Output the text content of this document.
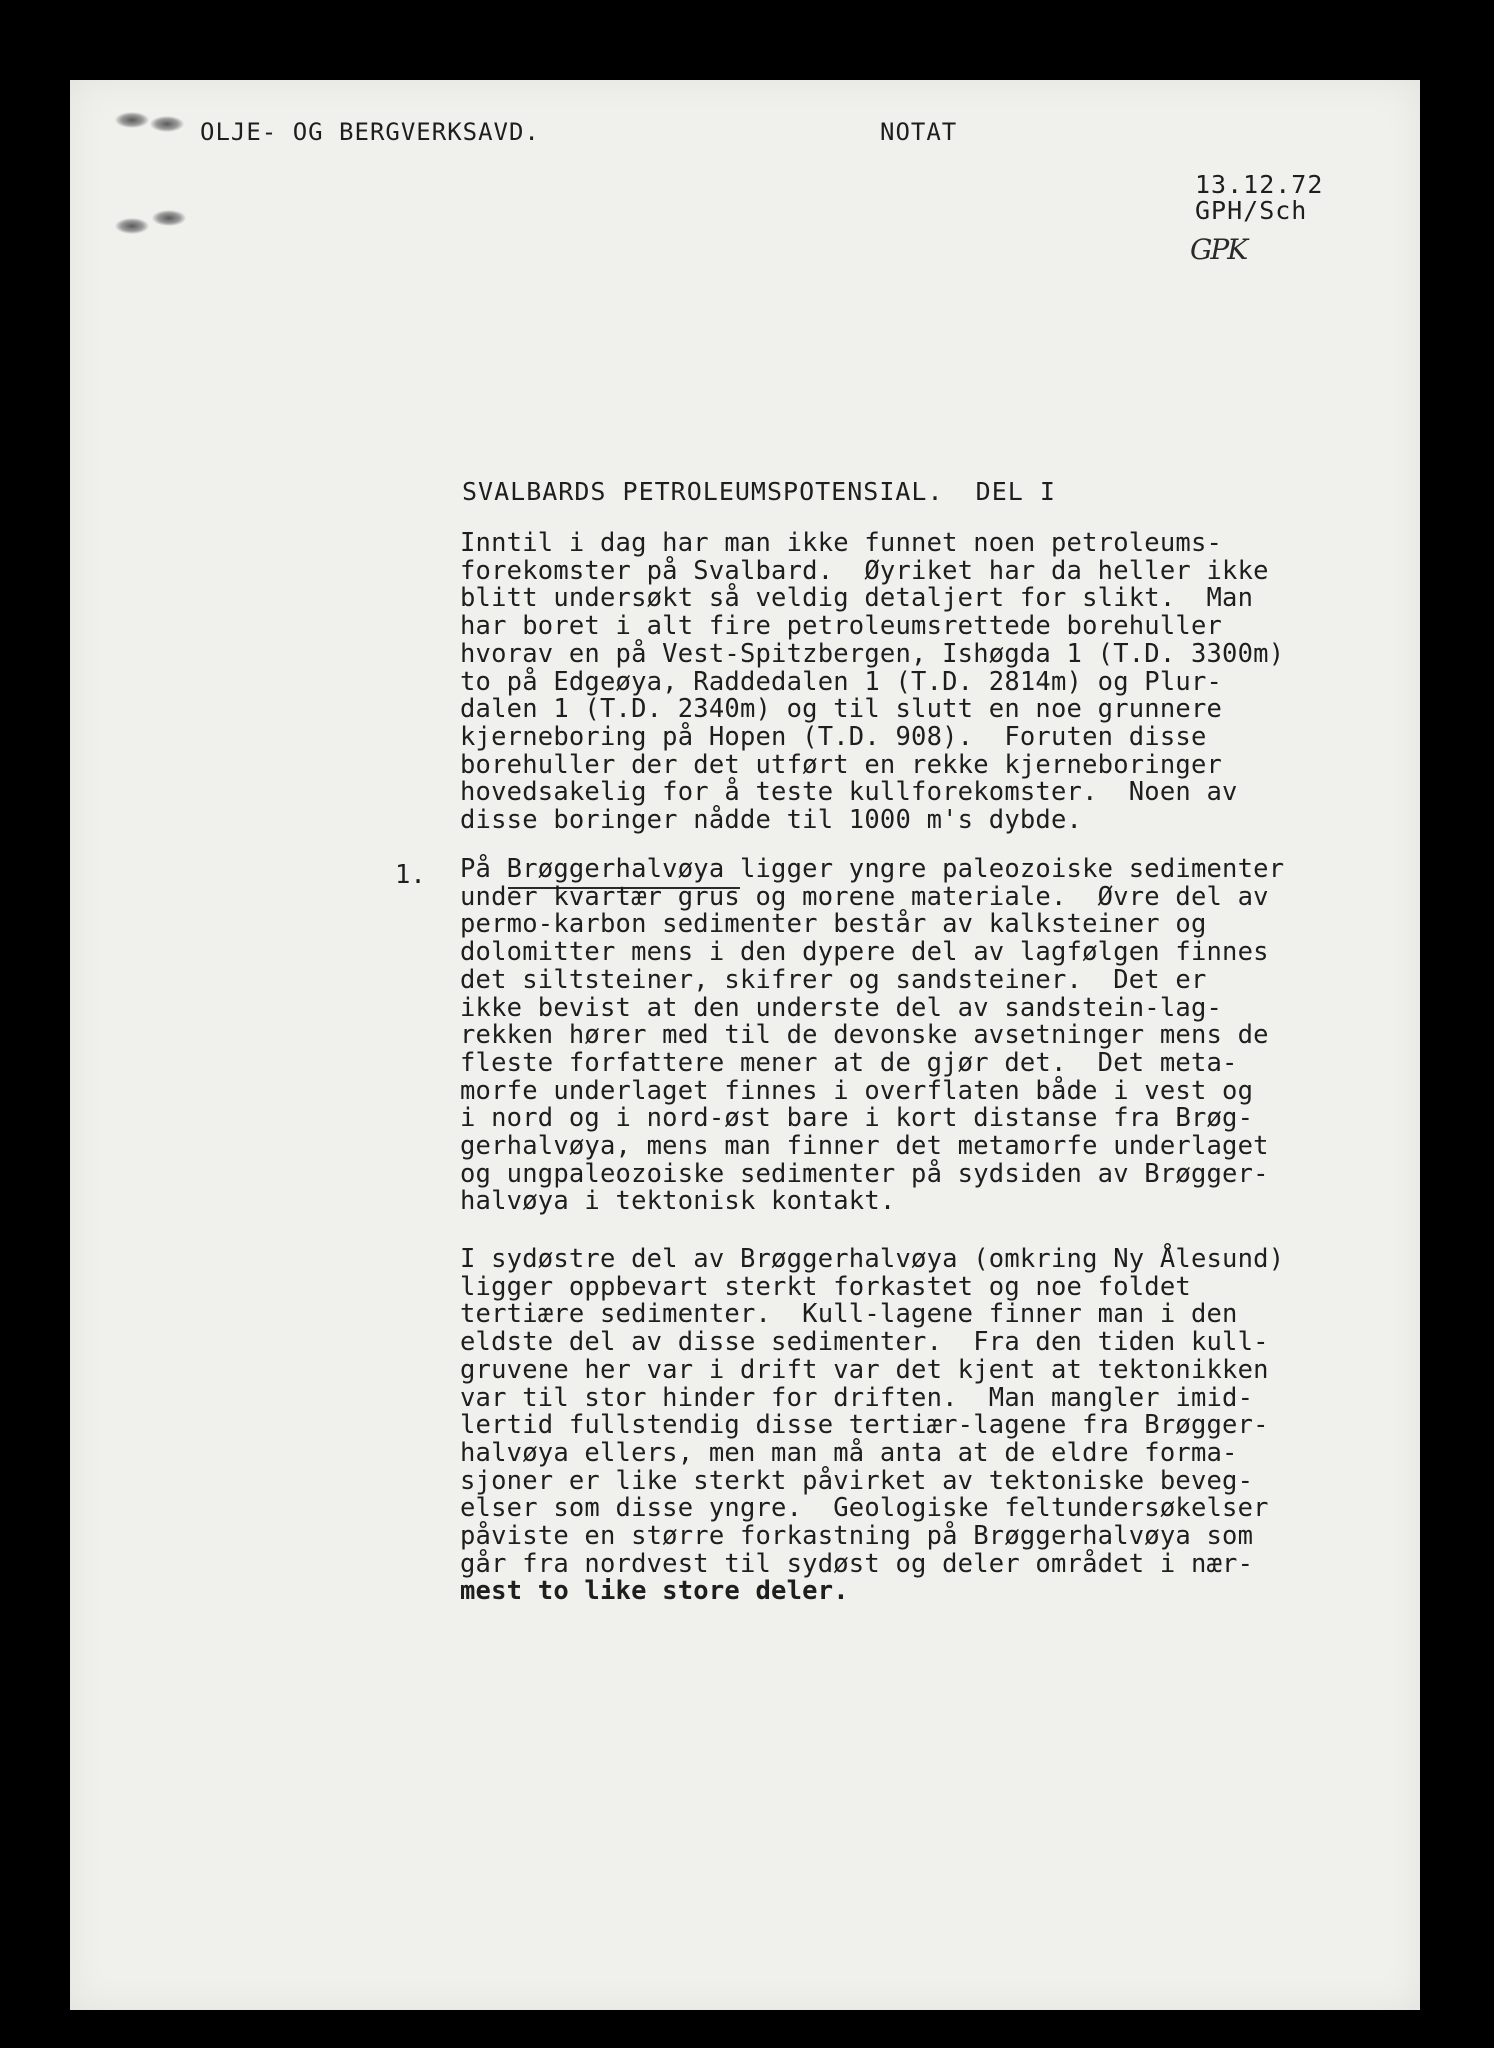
OLJE- OG BERGVERKSAVD.	NOTAT
13.12.72
GPH/Sch
GPK
SVALBARDS PETROLEUMSPOTENSIAL.  DEL I
Inntil i dag har man ikke funnet noen petroleums-
forekomster på Svalbard.  Øyriket har da heller ikke
blitt undersøkt så veldig detaljert for slikt.  Man
har boret i alt fire petroleumsrettede borehuller
hvorav en på Vest-Spitzbergen, Ishøgda 1 (T.D. 3300m)
to på Edgeøya, Raddedalen 1 (T.D. 2814m) og Plur-
dalen 1 (T.D. 2340m) og til slutt en noe grunnere
kjerneboring på Hopen (T.D. 908).  Foruten disse
borehuller der det utført en rekke kjerneboringer
hovedsakelig for å teste kullforekomster.  Noen av
disse boringer nådde til 1000 m's dybde.
1. På Brøggerhalvøya ligger yngre paleozoiske sedimenter
under kvartær grus og morene materiale.  Øvre del av
permo-karbon sedimenter består av kalksteiner og
dolomitter mens i den dypere del av lagfølgen finnes
det siltsteiner, skifrer og sandsteiner.  Det er
ikke bevist at den underste del av sandstein-lag-
rekken hører med til de devonske avsetninger mens de
fleste forfattere mener at de gjør det.  Det meta-
morfe underlaget finnes i overflaten både i vest og
i nord og i nord-øst bare i kort distanse fra Brøg-
gerhalvøya, mens man finner det metamorfe underlaget
og ungpaleozoiske sedimenter på sydsiden av Brøgger-
halvøya i tektonisk kontakt.
I sydøstre del av Brøggerhalvøya (omkring Ny Ålesund)
ligger oppbevart sterkt forkastet og noe foldet
tertiære sedimenter.  Kull-lagene finner man i den
eldste del av disse sedimenter.  Fra den tiden kull-
gruvene her var i drift var det kjent at tektonikken
var til stor hinder for driften.  Man mangler imid-
lertid fullstendig disse tertiær-lagene fra Brøgger-
halvøya ellers, men man må anta at de eldre forma-
sjoner er like sterkt påvirket av tektoniske beveg-
elser som disse yngre.  Geologiske feltundersøkelser
påviste en større forkastning på Brøggerhalvøya som
går fra nordvest til sydøst og deler området i nær-
mest to like store deler.
